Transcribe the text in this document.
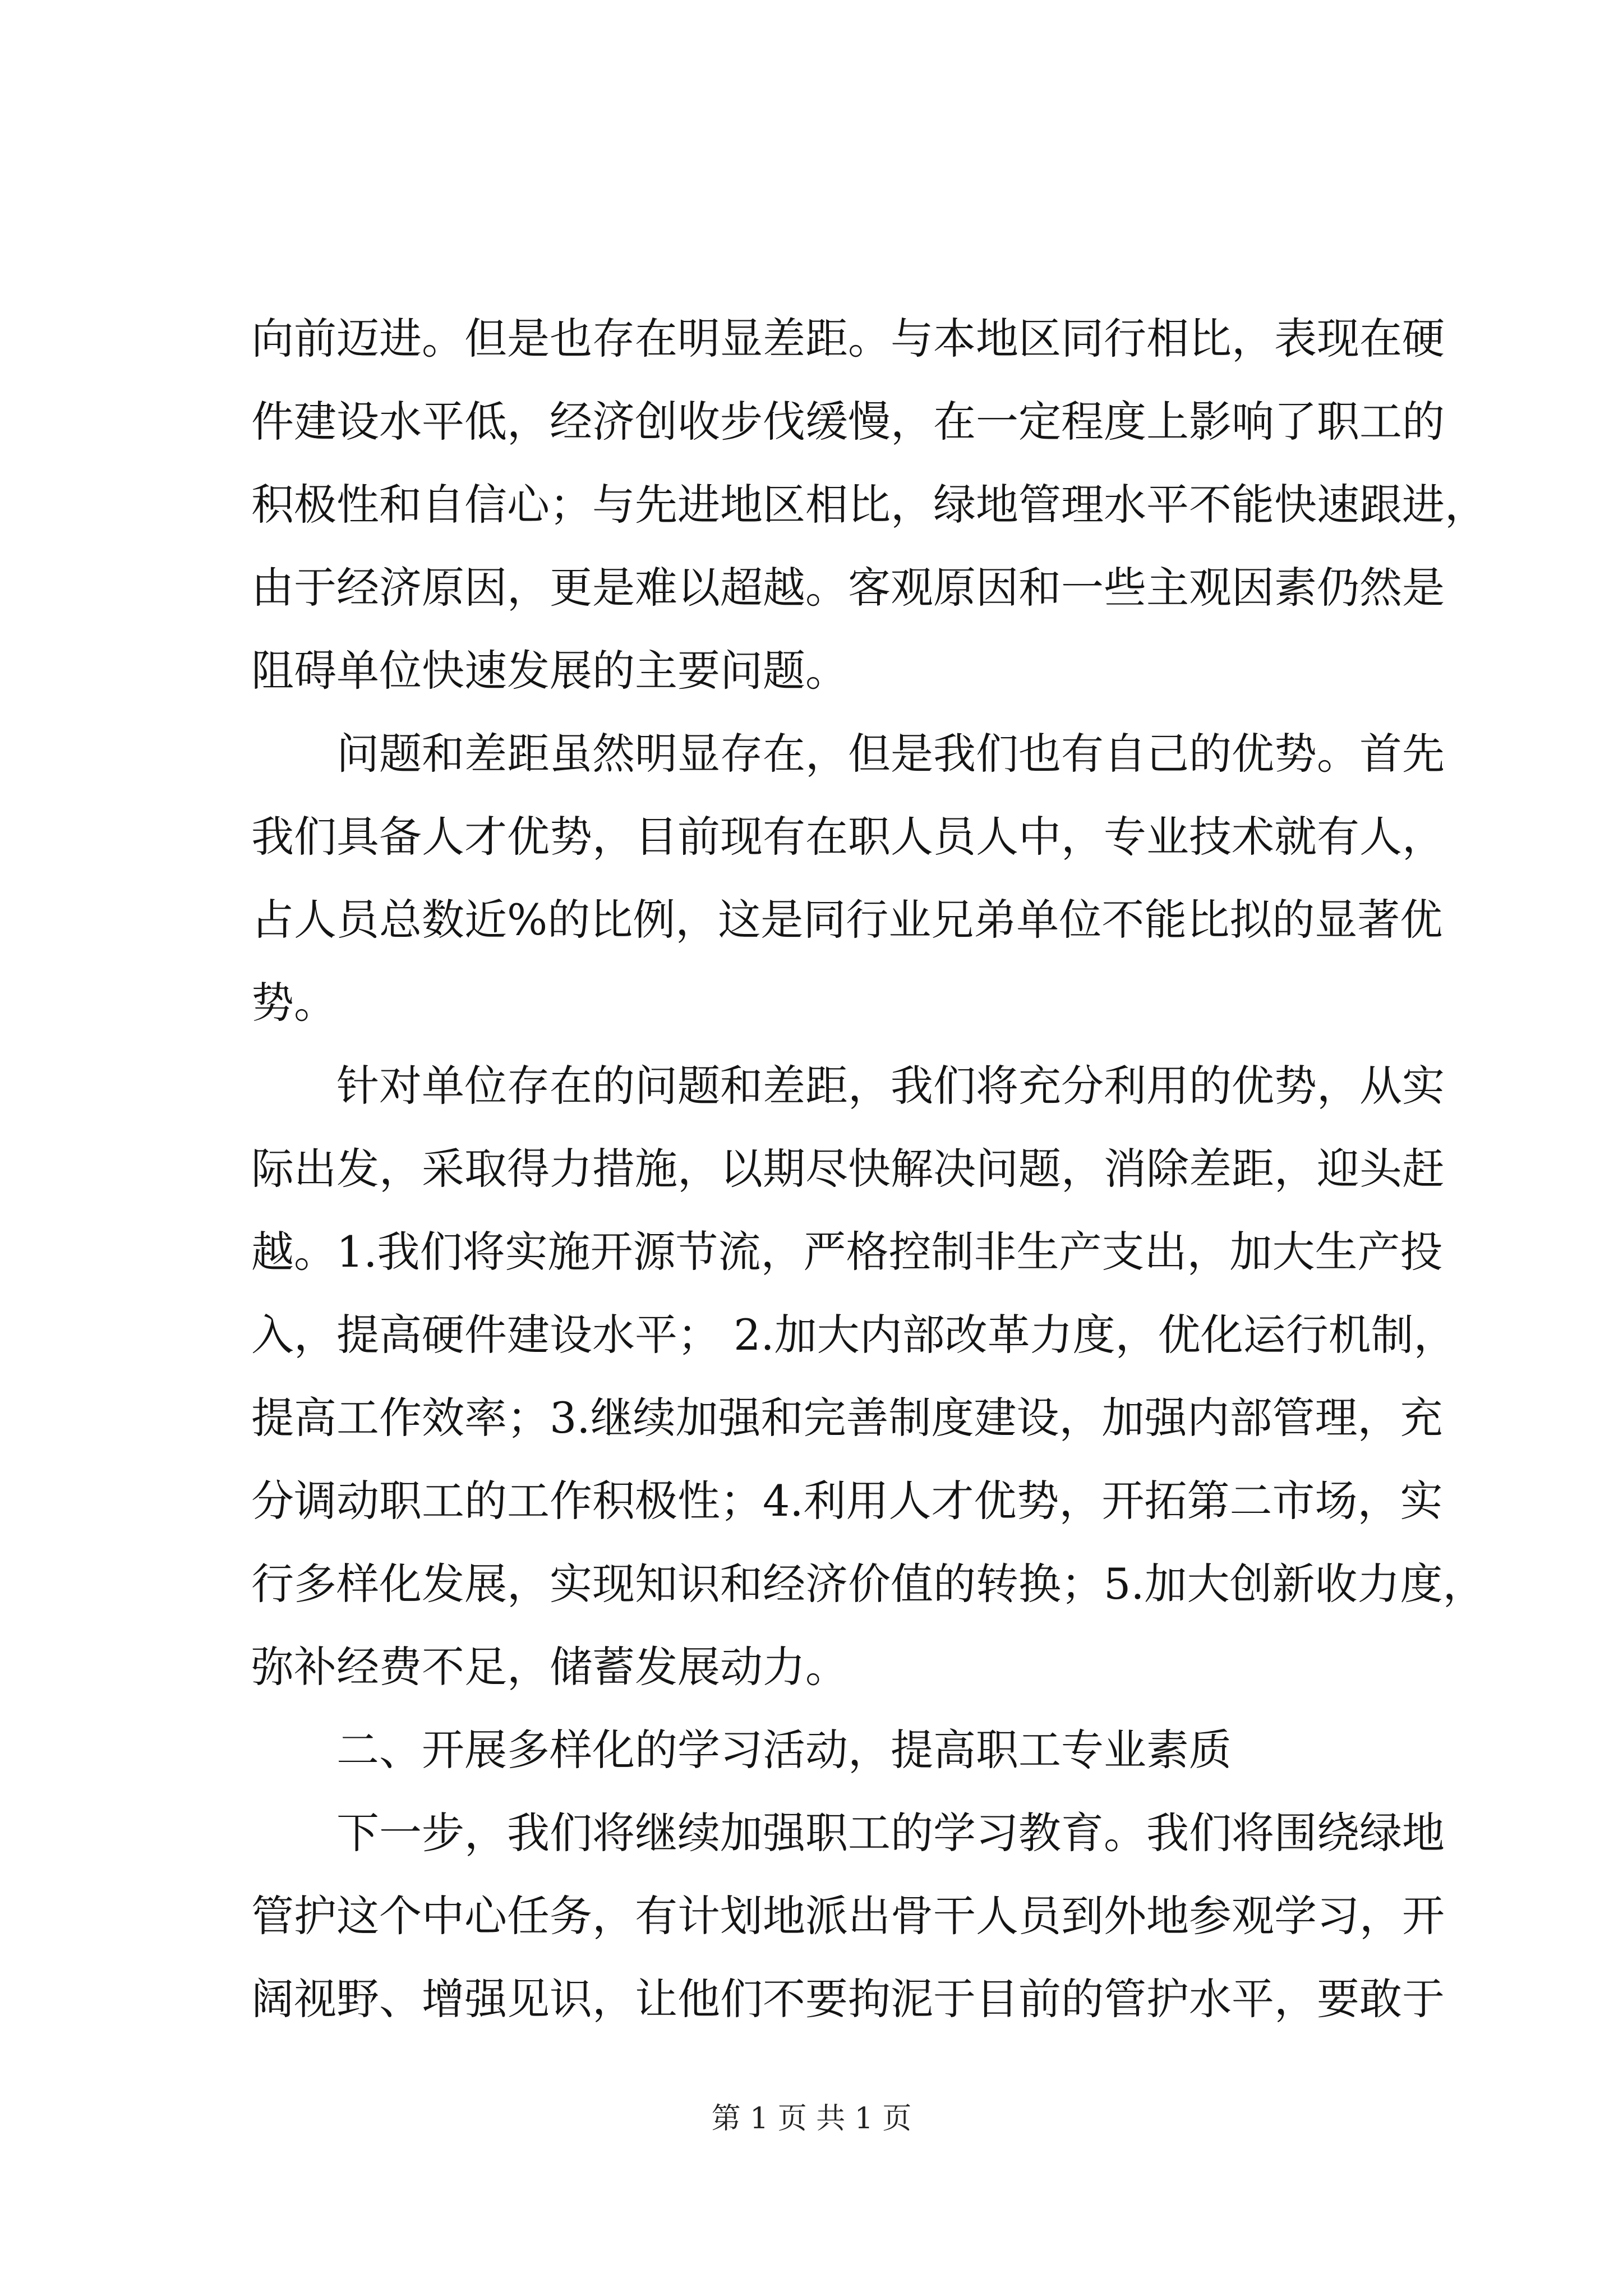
向前迈进。但是也存在明显差距。与本地区同行相比，表现在硬
件建设水平低，经济创收步伐缓慢，在一定程度上影响了职工的
积极性和自信心；与先进地区相比，绿地管理水平不能快速跟进，
由于经济原因，更是难以超越。客观原因和一些主观因素仍然是
阻碍单位快速发展的主要问题。
问题和差距虽然明显存在，但是我们也有自己的优势。首先
我们具备人才优势，目前现有在职人员人中，专业技术就有人，
占人员总数近%的比例，这是同行业兄弟单位不能比拟的显著优
势。
针对单位存在的问题和差距，我们将充分利用的优势，从实
际出发，采取得力措施，以期尽快解决问题，消除差距，迎头赶
越。1.我们将实施开源节流，严格控制非生产支出，加大生产投
入，提高硬件建设水平； 2.加大内部改革力度，优化运行机制，
提高工作效率；3.继续加强和完善制度建设，加强内部管理，充
分调动职工的工作积极性；4.利用人才优势，开拓第二市场，实
行多样化发展，实现知识和经济价值的转换；5.加大创新收力度，
弥补经费不足，储蓄发展动力。
二、开展多样化的学习活动，提高职工专业素质
下一步，我们将继续加强职工的学习教育。我们将围绕绿地
管护这个中心任务，有计划地派出骨干人员到外地参观学习，开
阔视野、增强见识，让他们不要拘泥于目前的管护水平，要敢于
第 1 页 共 1 页
